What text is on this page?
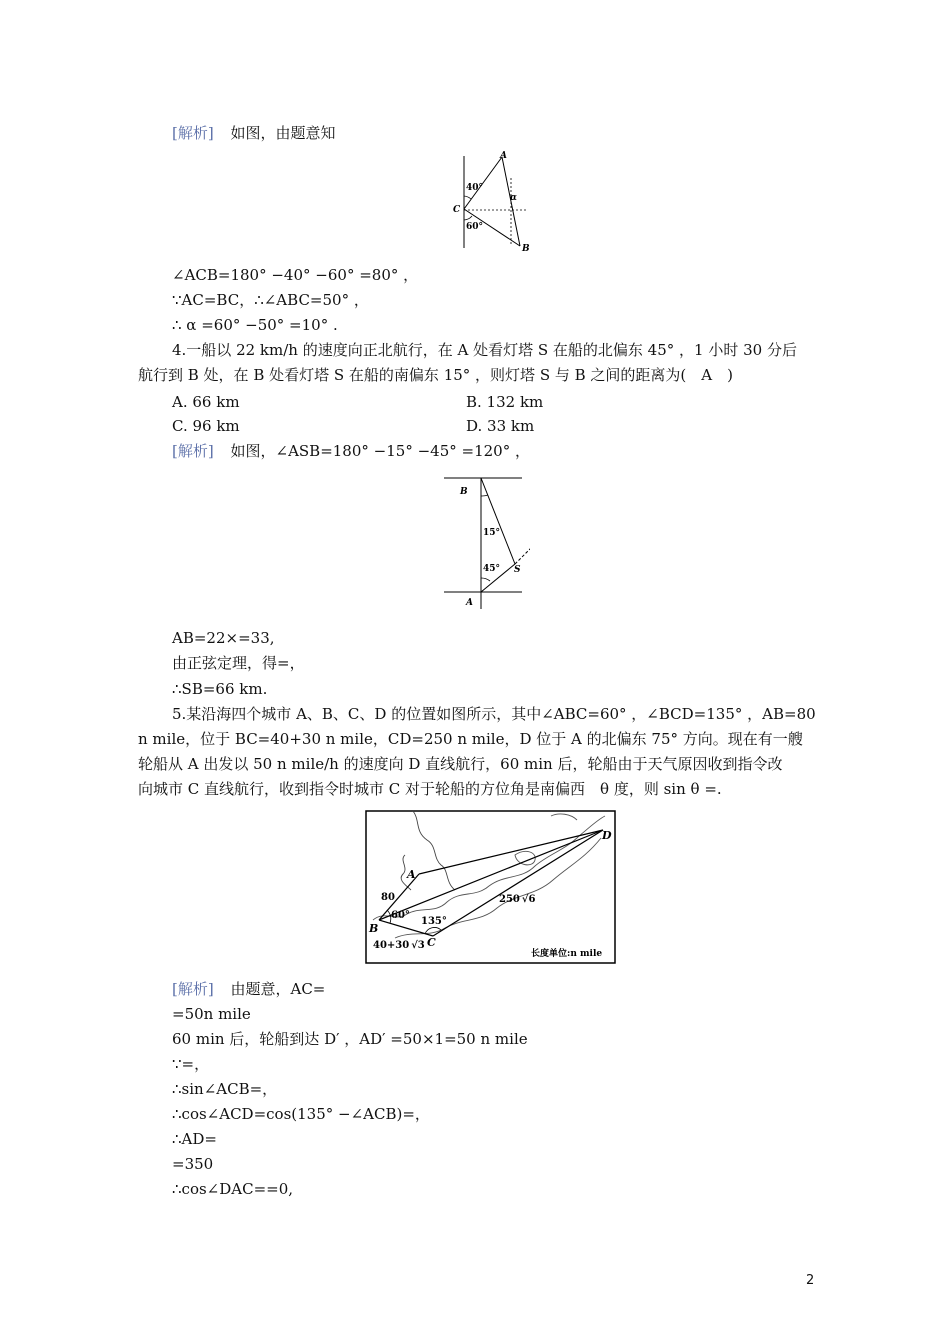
[解析] 如图，由题意知
A
B
C
40°
60°
α
∠ACB=180° −40° −60° =80° ，
∵AC=BC，∴∠ABC=50° ，
∴ α =60° −50° =10° .
4.一船以 22 km/h 的速度向正北航行，在 A 处看灯塔 S 在船的北偏东 45° ，1 小时 30 分后
航行到 B 处，在 B 处看灯塔 S 在船的南偏东 15° ，则灯塔 S 与 B 之间的距离为(　A　)
A. 66 km	B. 132 km
C. 96 km	D. 33 km
[解析] 如图，∠ASB=180° −15° −45° =120° ，
B
A
S
15°
45°
AB=22×=33,
由正弦定理，得=，
∴SB=66 km.
5.某沿海四个城市 A、B、C、D 的位置如图所示，其中∠ABC=60° ，∠BCD=135° ，AB=80
n mile，位于 BC=40+30 n mile，CD=250 n mile，D 位于 A 的北偏东 75° 方向。现在有一艘
轮船从 A 出发以 50 n mile/h 的速度向 D 直线航行，60 min 后，轮船由于天气原因收到指令改
向城市 C 直线航行，收到指令时城市 C 对于轮船的方位角是南偏西　θ 度，则 sin θ =.
A
B
C
D
80
60°
135°
250 √6
40+30 √3
长度单位:n mile
[解析] 由题意，AC=
=50n mile
60 min 后，轮船到达 D′ ，AD′ =50×1=50 n mile
∵=，
∴sin∠ACB=，
∴cos∠ACD=cos(135° −∠ACB)=，
∴AD=
=350
∴cos∠DAC==0,
2
